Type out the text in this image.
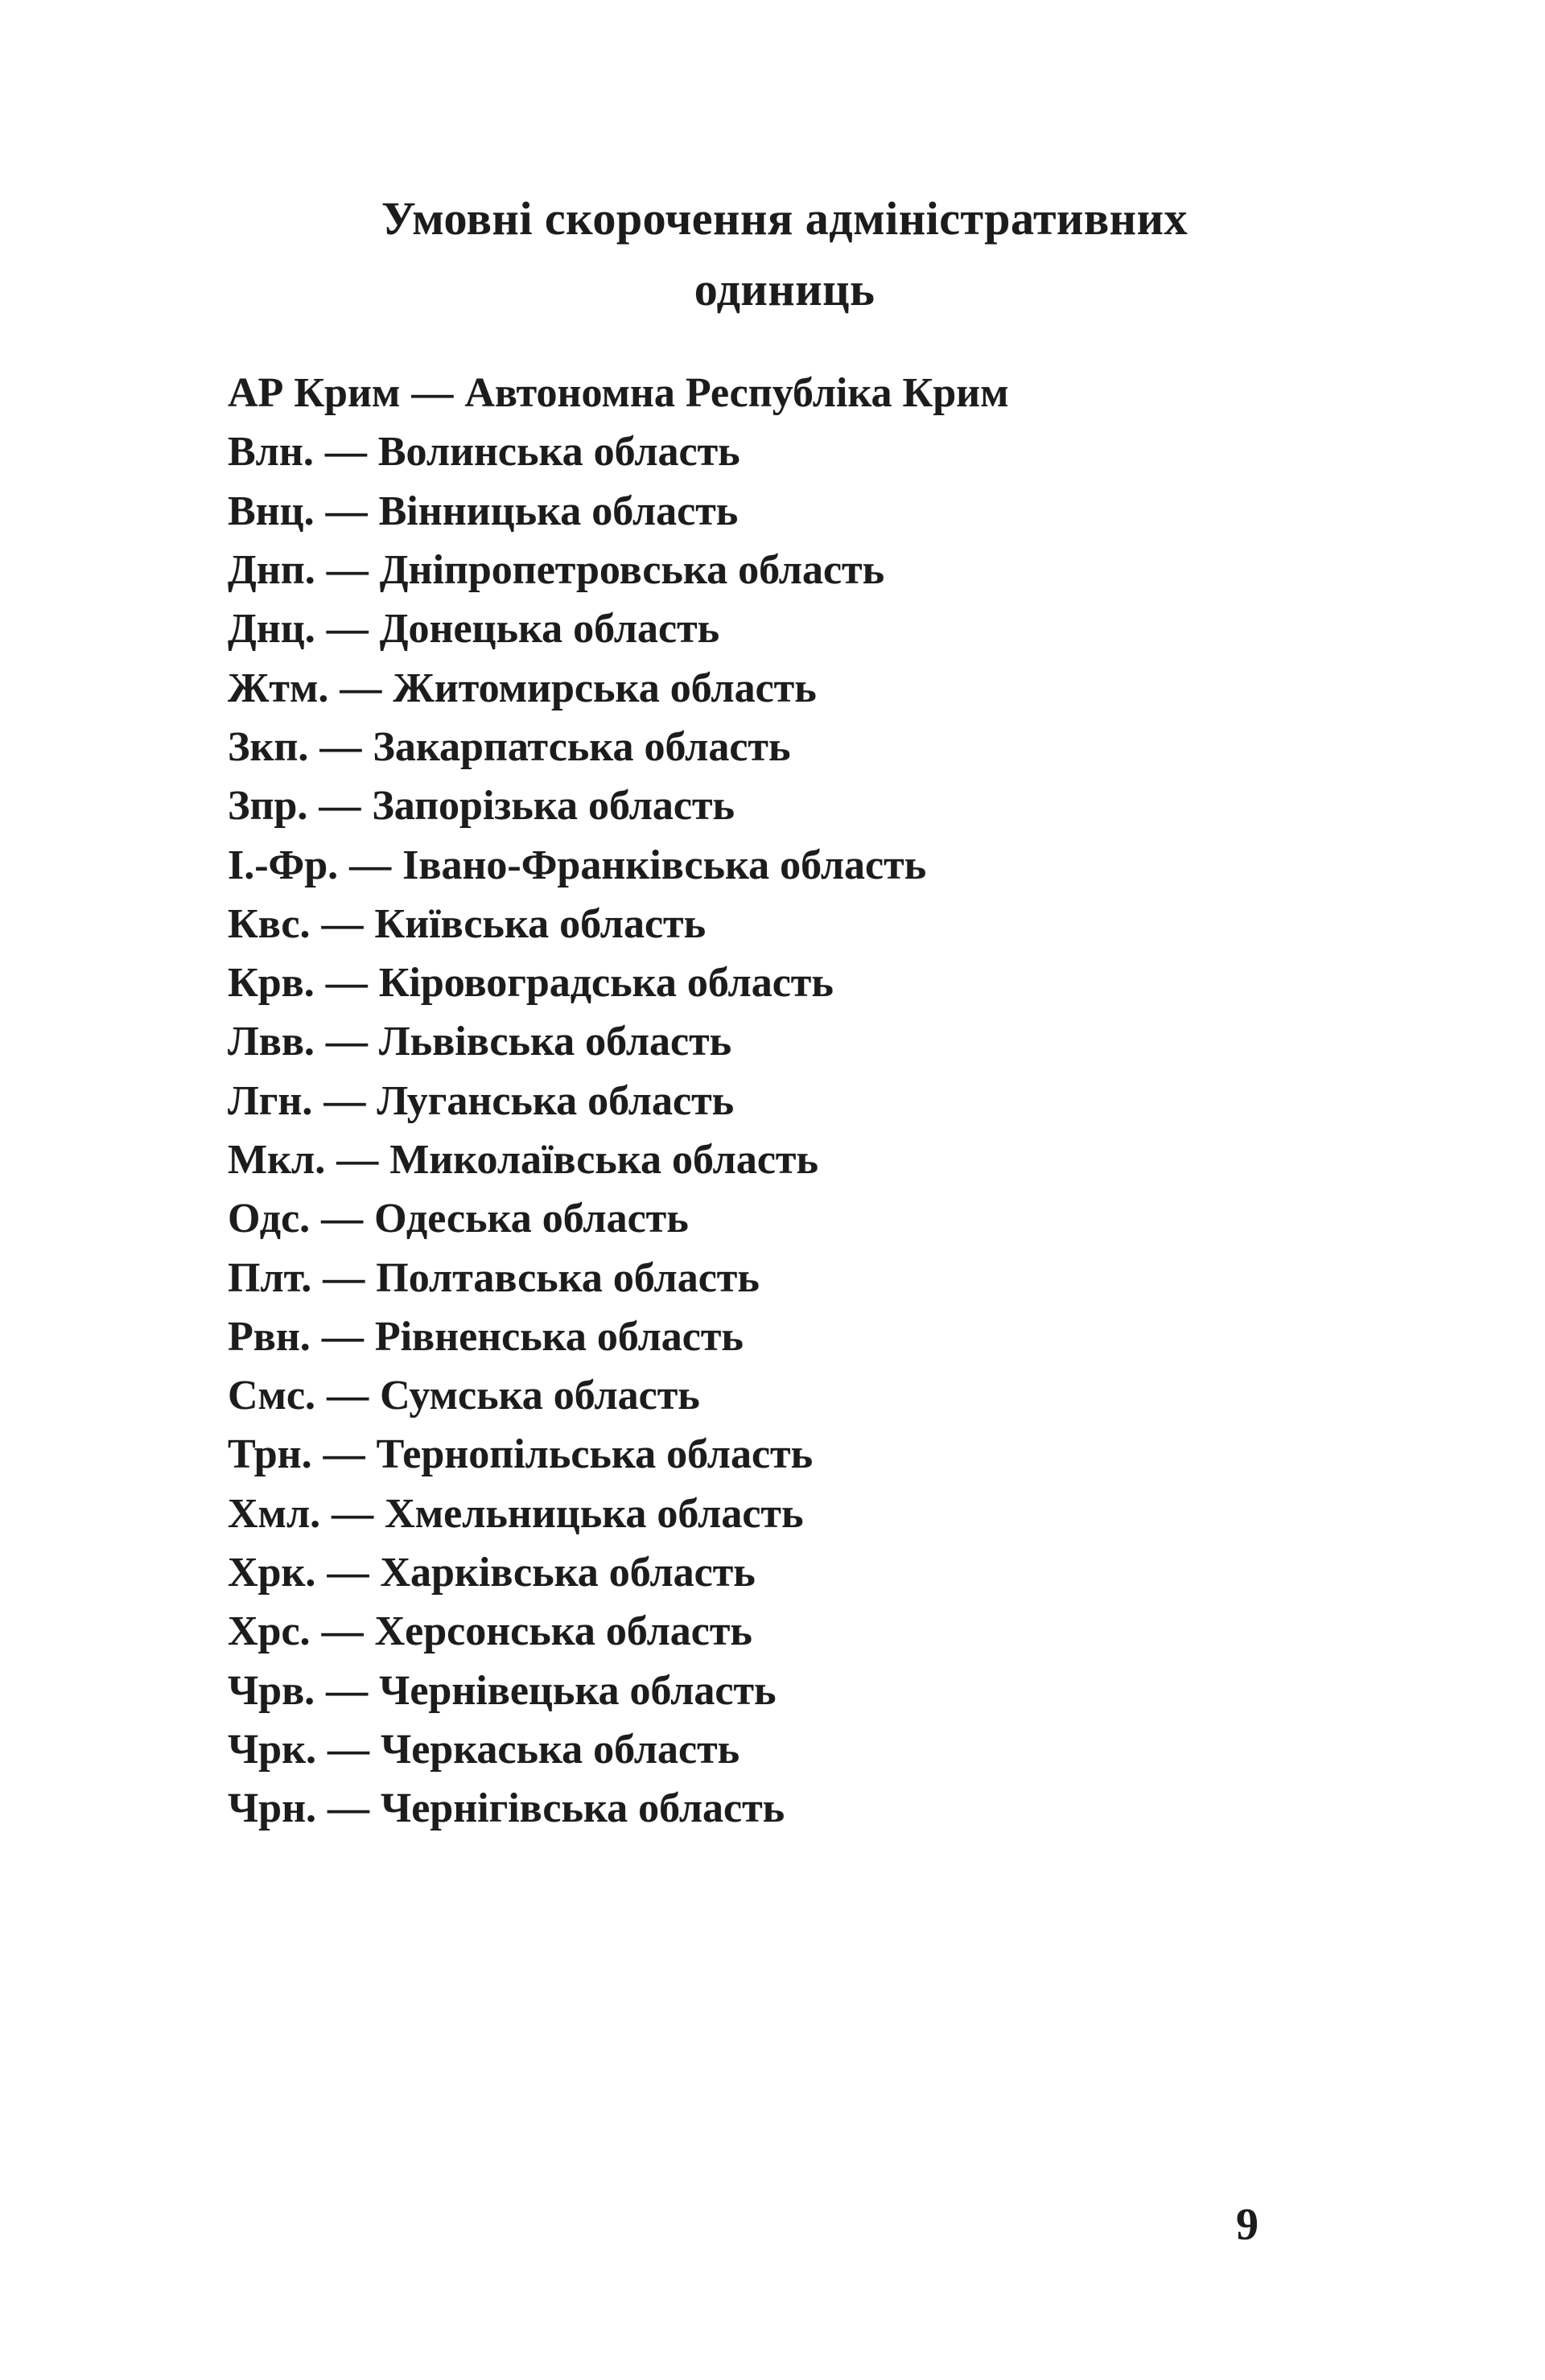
Умовні скорочення адміністративних
одиниць
АР Крим — Автономна Республіка Крим
Влн. — Волинська область
Внц. — Вінницька область
Днп. — Дніпропетровська область
Днц. — Донецька область
Жтм. — Житомирська область
Зкп. — Закарпатська область
Зпр. — Запорізька область
І.-Фр. — Івано-Франківська область
Квс. — Київська область
Крв. — Кіровоградська область
Лвв. — Львівська область
Лгн. — Луганська область
Мкл. — Миколаївська область
Одс. — Одеська область
Плт. — Полтавська область
Рвн. — Рівненська область
Смс. — Сумська область
Трн. — Тернопільська область
Хмл. — Хмельницька область
Хрк. — Харківська область
Хрс. — Херсонська область
Чрв. — Чернівецька область
Чрк. — Черкаська область
Чрн. — Чернігівська область
9
